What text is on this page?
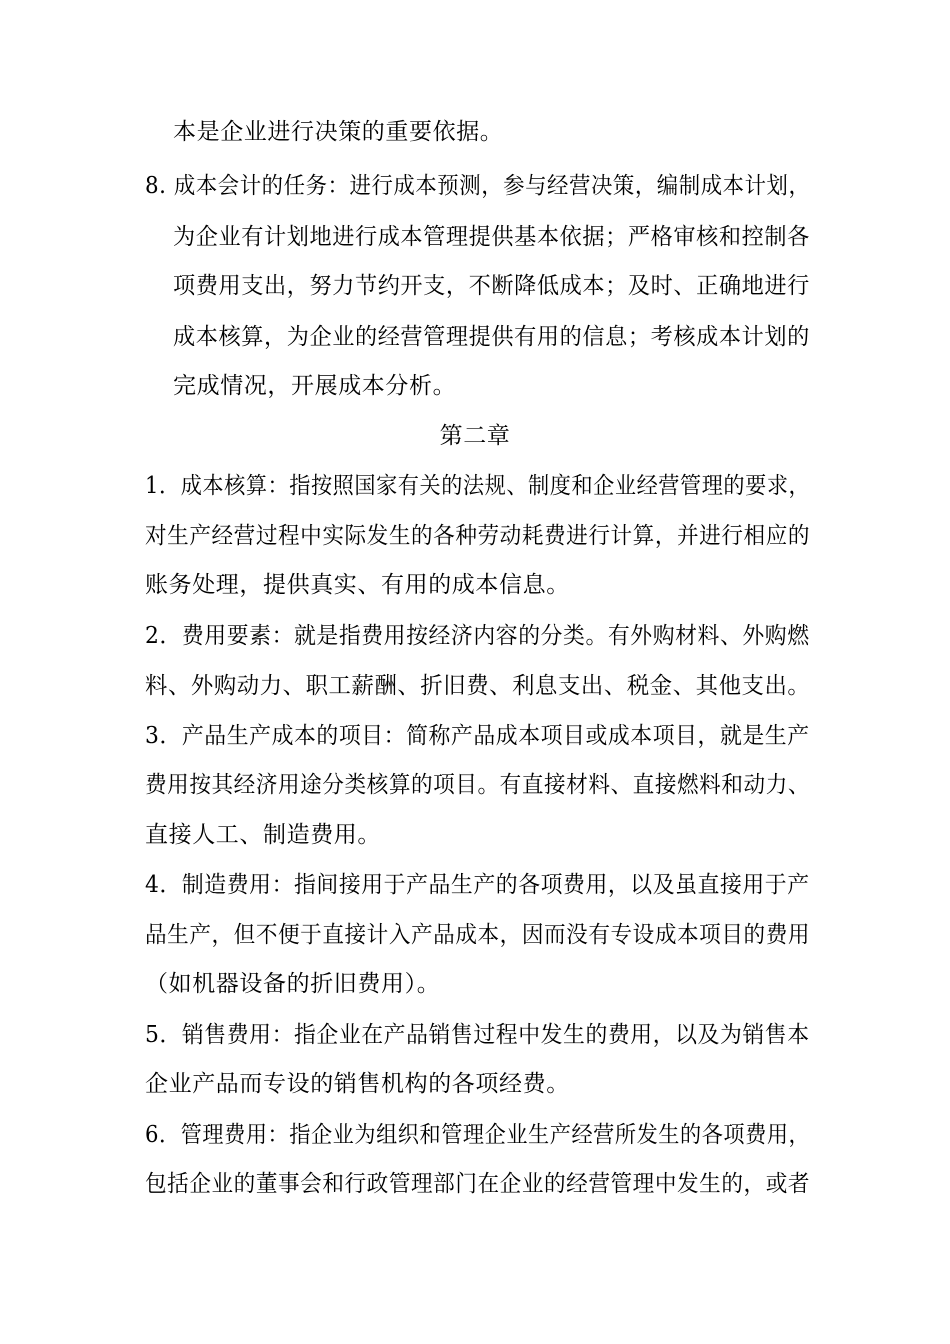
本是企业进行决策的重要依据。
8. 成本会计的任务：进行成本预测，参与经营决策，编制成本计划，
为企业有计划地进行成本管理提供基本依据；严格审核和控制各
项费用支出，努力节约开支，不断降低成本；及时、正确地进行
成本核算，为企业的经营管理提供有用的信息；考核成本计划的
完成情况，开展成本分析。
第二章
1．成本核算：指按照国家有关的法规、制度和企业经营管理的要求，
对生产经营过程中实际发生的各种劳动耗费进行计算，并进行相应的
账务处理，提供真实、有用的成本信息。
2．费用要素：就是指费用按经济内容的分类。有外购材料、外购燃
料、外购动力、职工薪酬、折旧费、利息支出、税金、其他支出。
3．产品生产成本的项目：简称产品成本项目或成本项目，就是生产
费用按其经济用途分类核算的项目。有直接材料、直接燃料和动力、
直接人工、制造费用。
4．制造费用：指间接用于产品生产的各项费用，以及虽直接用于产
品生产，但不便于直接计入产品成本，因而没有专设成本项目的费用
（如机器设备的折旧费用）。
5．销售费用：指企业在产品销售过程中发生的费用，以及为销售本
企业产品而专设的销售机构的各项经费。
6．管理费用：指企业为组织和管理企业生产经营所发生的各项费用，
包括企业的董事会和行政管理部门在企业的经营管理中发生的，或者
